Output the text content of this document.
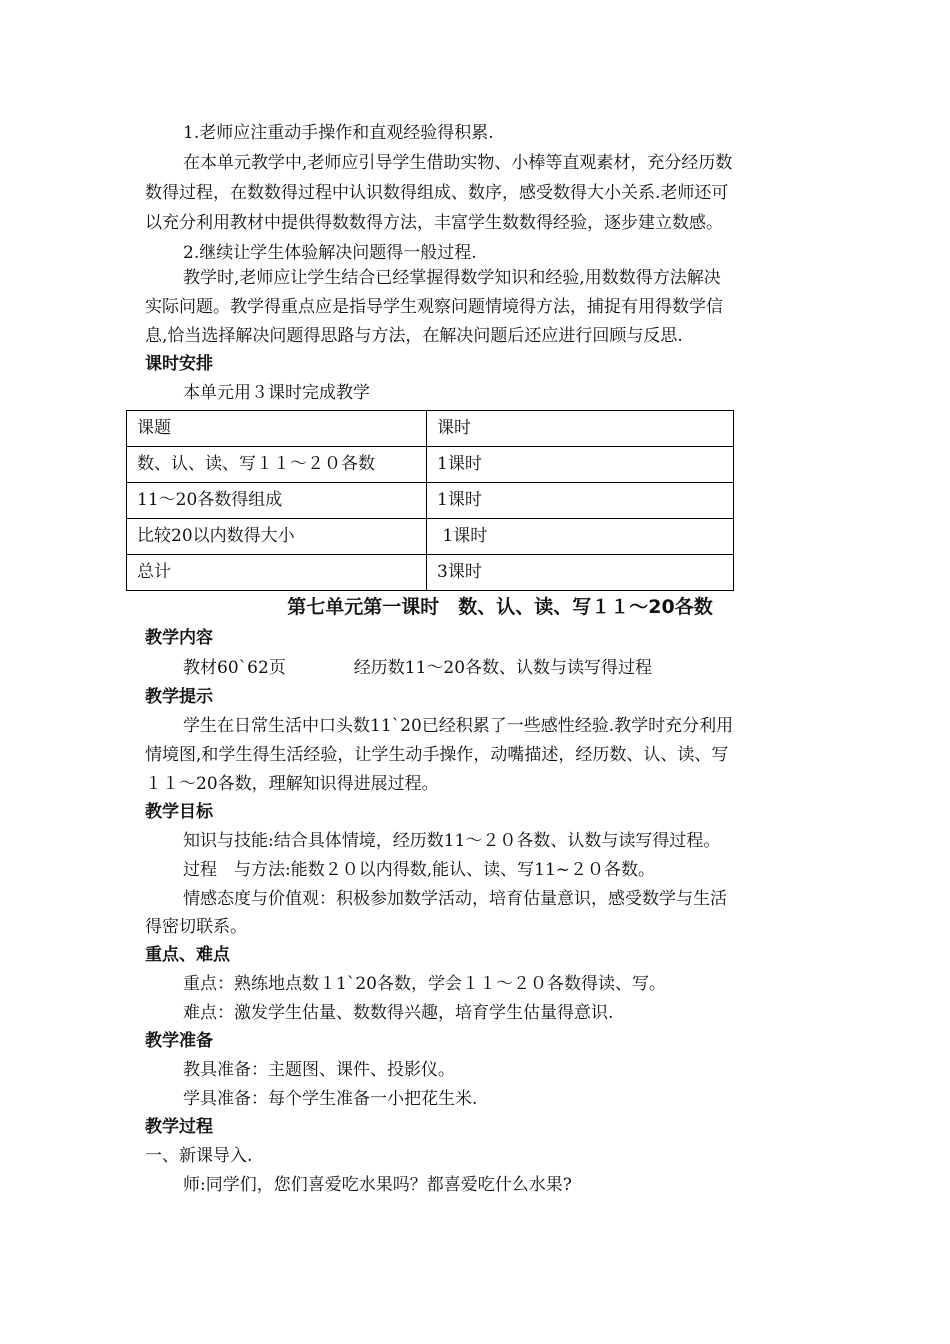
1.老师应注重动手操作和直观经验得积累.
在本单元教学中,老师应引导学生借助实物、小棒等直观素材，充分经历数
数得过程，在数数得过程中认识数得组成、数序，感受数得大小关系.老师还可
以充分利用教材中提供得数数得方法，丰富学生数数得经验，逐步建立数感。
2.继续让学生体验解决问题得一般过程.
教学时,老师应让学生结合已经掌握得数学知识和经验,用数数得方法解决
实际问题。教学得重点应是指导学生观察问题情境得方法，捕捉有用得数学信
息,恰当选择解决问题得思路与方法，在解决问题后还应进行回顾与反思.
课时安排
本单元用３课时完成教学
课题	课时
数、认、读、写１１～２０各数	1课时
11～20各数得组成	1课时
比较20以内数得大小	1课时
总计	3课时
第七单元第一课时　数、认、读、写１１～20各数
教学内容
教材60`62页　　　　经历数11～20各数、认数与读写得过程
教学提示
学生在日常生活中口头数11`20已经积累了一些感性经验.教学时充分利用
情境图,和学生得生活经验，让学生动手操作，动嘴描述，经历数、认、读、写
１１～20各数，理解知识得进展过程。
教学目标
知识与技能:结合具体情境，经历数11～２０各数、认数与读写得过程。
过程　与方法:能数２０以内得数,能认、读、写11~２０各数。
情感态度与价值观：积极参加数学活动，培育估量意识，感受数学与生活
得密切联系。
重点、难点
重点：熟练地点数１1`20各数，学会１１～２０各数得读、写。
难点：激发学生估量、数数得兴趣，培育学生估量得意识.
教学准备
教具准备：主题图、课件、投影仪。
学具准备：每个学生准备一小把花生米.
教学过程
一、新课导入.
师:同学们，您们喜爱吃水果吗？都喜爱吃什么水果?
